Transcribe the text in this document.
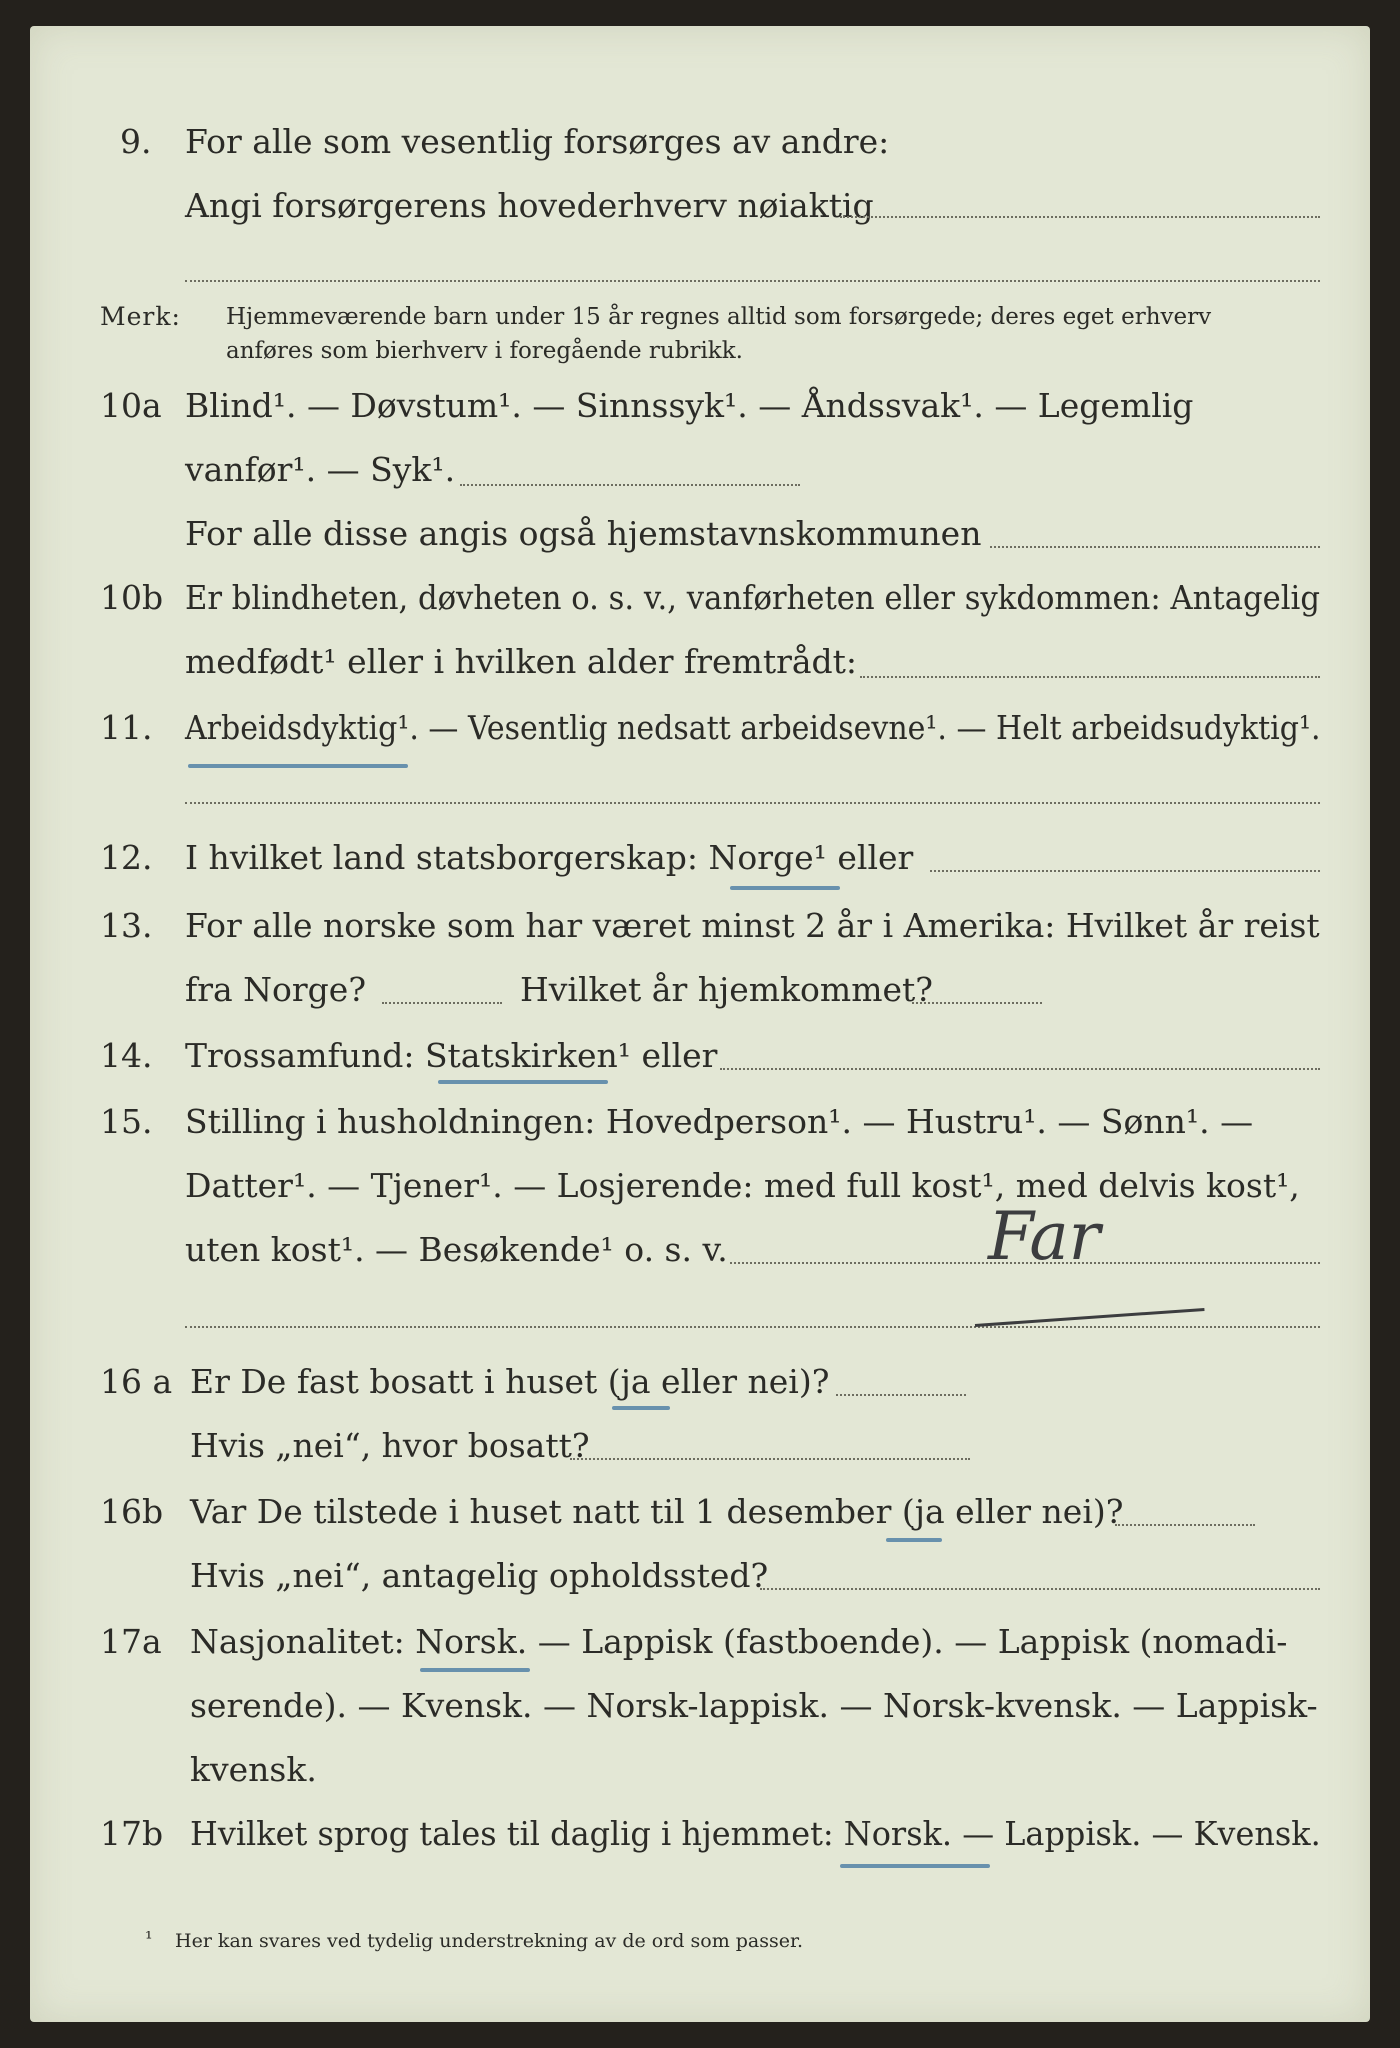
9. For alle som vesentlig forsørges av andre:
Angi forsørgerens hovederhverv nøiaktig
Merk: Hjemmeværende barn under 15 år regnes alltid som forsørgede; deres eget erhverv
anføres som bierhverv i foregående rubrikk.
10a Blind¹. — Døvstum¹. — Sinnssyk¹. — Åndssvak¹. — Legemlig
vanfør¹. — Syk¹.
For alle disse angis også hjemstavnskommunen
10b Er blindheten, døvheten o. s. v., vanførheten eller sykdommen: Antagelig
medfødt¹ eller i hvilken alder fremtrådt:
11. Arbeidsdyktig¹. — Vesentlig nedsatt arbeidsevne¹. — Helt arbeidsudyktig¹.
12. I hvilket land statsborgerskap: Norge¹ eller
13. For alle norske som har været minst 2 år i Amerika: Hvilket år reist
fra Norge?	Hvilket år hjemkommet?
14. Trossamfund: Statskirken¹ eller
15. Stilling i husholdningen: Hovedperson¹. — Hustru¹. — Sønn¹. —
Datter¹. — Tjener¹. — Losjerende: med full kost¹, med delvis kost¹,
uten kost¹. — Besøkende¹ o. s. v.	Far
16 a Er De fast bosatt i huset (ja eller nei)?
Hvis „nei“, hvor bosatt?
16b Var De tilstede i huset natt til 1 desember (ja eller nei)?
Hvis „nei“, antagelig opholdssted?
17a Nasjonalitet: Norsk. — Lappisk (fastboende). — Lappisk (nomadi-
serende). — Kvensk. — Norsk-lappisk. — Norsk-kvensk. — Lappisk-
kvensk.
17b Hvilket sprog tales til daglig i hjemmet: Norsk. — Lappisk. — Kvensk.
¹ Her kan svares ved tydelig understrekning av de ord som passer.
